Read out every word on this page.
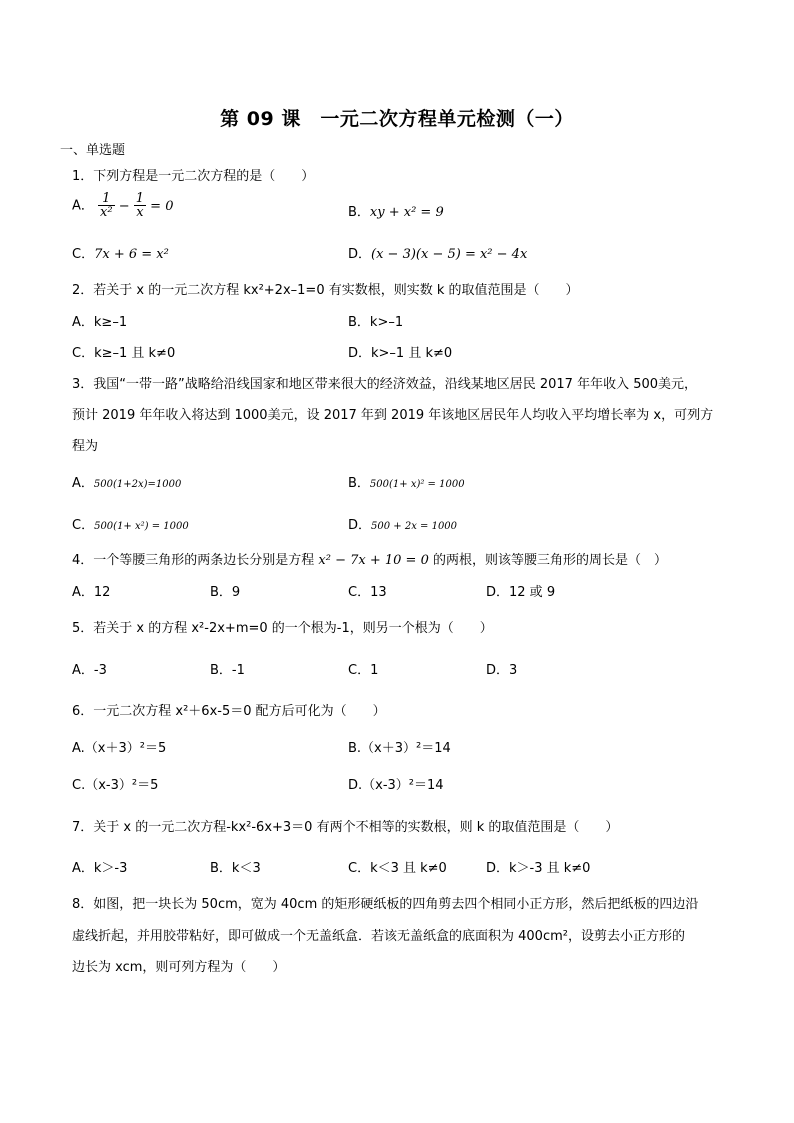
第 09 课　一元二次方程单元检测（一）
一、单选题
1．下列方程是一元二次方程的是（　　）
A． $\frac{1}{\text{x²}} - \frac{1}{x} = 0$	B．xy + x² = 9
C．7x + 6 = x²	D．(x − 3)(x − 5) = x² − 4x
2．若关于 x 的一元二次方程 kx²+2x–1=0 有实数根，则实数 k 的取值范围是（　　）
A．k≥–1	B．k>–1
C．k≥–1 且 k≠0	D．k>–1 且 k≠0
3．我国“一带一路”战略给沿线国家和地区带来很大的经济效益，沿线某地区居民 2017 年年收入 500美元，
预计 2019 年年收入将达到 1000美元，设 2017 年到 2019 年该地区居民年人均收入平均增长率为 x，可列方
程为
A．500(1+2x)=1000	B．500(1+ x)² = 1000
C．500(1+ x²) = 1000	D．500 + 2x = 1000
4．一个等腰三角形的两条边长分别是方程 x² − 7x + 10 = 0 的两根，则该等腰三角形的周长是（　）
A．12	B．9	C．13	D．12 或 9
5．若关于 x 的方程 x²-2x+m=0 的一个根为-1，则另一个根为（　　）
A．-3	B．-1	C．1	D．3
6．一元二次方程 x²＋6x-5＝0 配方后可化为（　　）
A.（x＋3）²＝5	B.（x＋3）²＝14
C.（x-3）²＝5	D.（x-3）²＝14
7．关于 x 的一元二次方程-kx²-6x+3＝0 有两个不相等的实数根，则 k 的取值范围是（　　）
A．k＞-3	B．k＜3	C．k＜3 且 k≠0	D．k＞-3 且 k≠0
8．如图，把一块长为 50cm，宽为 40cm 的矩形硬纸板的四角剪去四个相同小正方形，然后把纸板的四边沿
虚线折起，并用胶带粘好，即可做成一个无盖纸盒．若该无盖纸盒的底面积为 400cm²，设剪去小正方形的
边长为 xcm，则可列方程为（　　）
